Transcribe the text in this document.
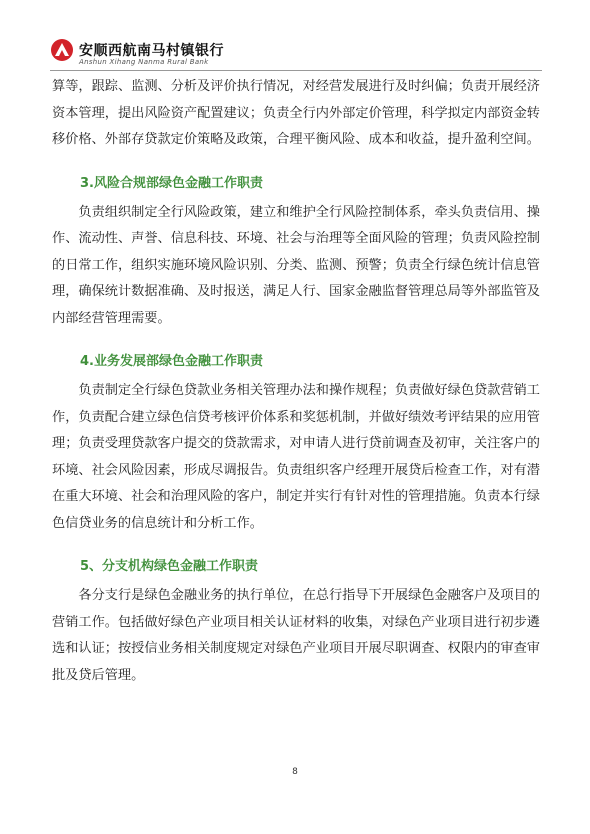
安顺西航南马村镇银行
Anshun Xihang Nanma Rural Bank

算等，跟踪、监测、分析及评价执行情况，对经营发展进行及时纠偏；负责开展经济资本管理，提出风险资产配置建议；负责全行内外部定价管理，科学拟定内部资金转移价格、外部存贷款定价策略及政策，合理平衡风险、成本和收益，提升盈利空间。

3.风险合规部绿色金融工作职责

负责组织制定全行风险政策，建立和维护全行风险控制体系，牵头负责信用、操作、流动性、声誉、信息科技、环境、社会与治理等全面风险的管理；负责风险控制的日常工作，组织实施环境风险识别、分类、监测、预警；负责全行绿色统计信息管理，确保统计数据准确、及时报送，满足人行、国家金融监督管理总局等外部监管及内部经营管理需要。

4.业务发展部绿色金融工作职责

负责制定全行绿色贷款业务相关管理办法和操作规程；负责做好绿色贷款营销工作，负责配合建立绿色信贷考核评价体系和奖惩机制，并做好绩效考评结果的应用管理；负责受理贷款客户提交的贷款需求，对申请人进行贷前调查及初审，关注客户的环境、社会风险因素，形成尽调报告。负责组织客户经理开展贷后检查工作，对有潜在重大环境、社会和治理风险的客户，制定并实行有针对性的管理措施。负责本行绿色信贷业务的信息统计和分析工作。

5、分支机构绿色金融工作职责

各分支行是绿色金融业务的执行单位，在总行指导下开展绿色金融客户及项目的营销工作。包括做好绿色产业项目相关认证材料的收集，对绿色产业项目进行初步遴选和认证；按授信业务相关制度规定对绿色产业项目开展尽职调查、权限内的审查审批及贷后管理。

8
